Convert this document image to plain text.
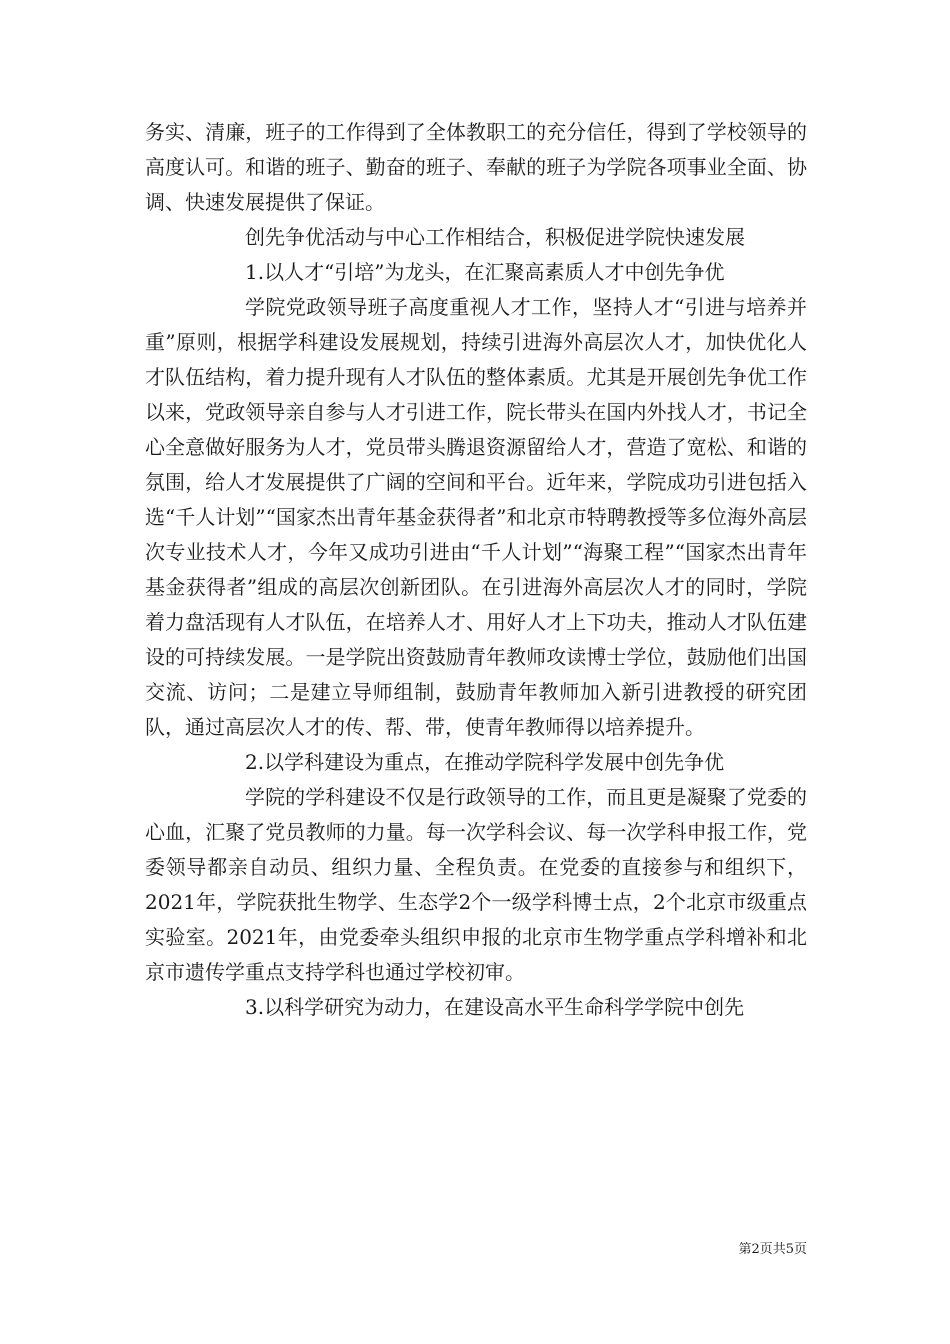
务实、清廉，班子的工作得到了全体教职工的充分信任，得到了学校领导的高度认可。和谐的班子、勤奋的班子、奉献的班子为学院各项事业全面、协调、快速发展提供了保证。

创先争优活动与中心工作相结合，积极促进学院快速发展

1.以人才“引培”为龙头，在汇聚高素质人才中创先争优

学院党政领导班子高度重视人才工作，坚持人才“引进与培养并重”原则，根据学科建设发展规划，持续引进海外高层次人才，加快优化人才队伍结构，着力提升现有人才队伍的整体素质。尤其是开展创先争优工作以来，党政领导亲自参与人才引进工作，院长带头在国内外找人才，书记全心全意做好服务为人才，党员带头腾退资源留给人才，营造了宽松、和谐的氛围，给人才发展提供了广阔的空间和平台。近年来，学院成功引进包括入选“千人计划”“国家杰出青年基金获得者”和北京市特聘教授等多位海外高层次专业技术人才，今年又成功引进由“千人计划”“海聚工程”“国家杰出青年基金获得者”组成的高层次创新团队。在引进海外高层次人才的同时，学院着力盘活现有人才队伍，在培养人才、用好人才上下功夫，推动人才队伍建设的可持续发展。一是学院出资鼓励青年教师攻读博士学位，鼓励他们出国交流、访问；二是建立导师组制，鼓励青年教师加入新引进教授的研究团队，通过高层次人才的传、帮、带，使青年教师得以培养提升。

2.以学科建设为重点，在推动学院科学发展中创先争优

学院的学科建设不仅是行政领导的工作，而且更是凝聚了党委的心血，汇聚了党员教师的力量。每一次学科会议、每一次学科申报工作，党委领导都亲自动员、组织力量、全程负责。在党委的直接参与和组织下，2021年，学院获批生物学、生态学2个一级学科博士点，2个北京市级重点实验室。2021年，由党委牵头组织申报的北京市生物学重点学科增补和北京市遗传学重点支持学科也通过学校初审。

3.以科学研究为动力，在建设高水平生命科学学院中创先

第2页共5页
